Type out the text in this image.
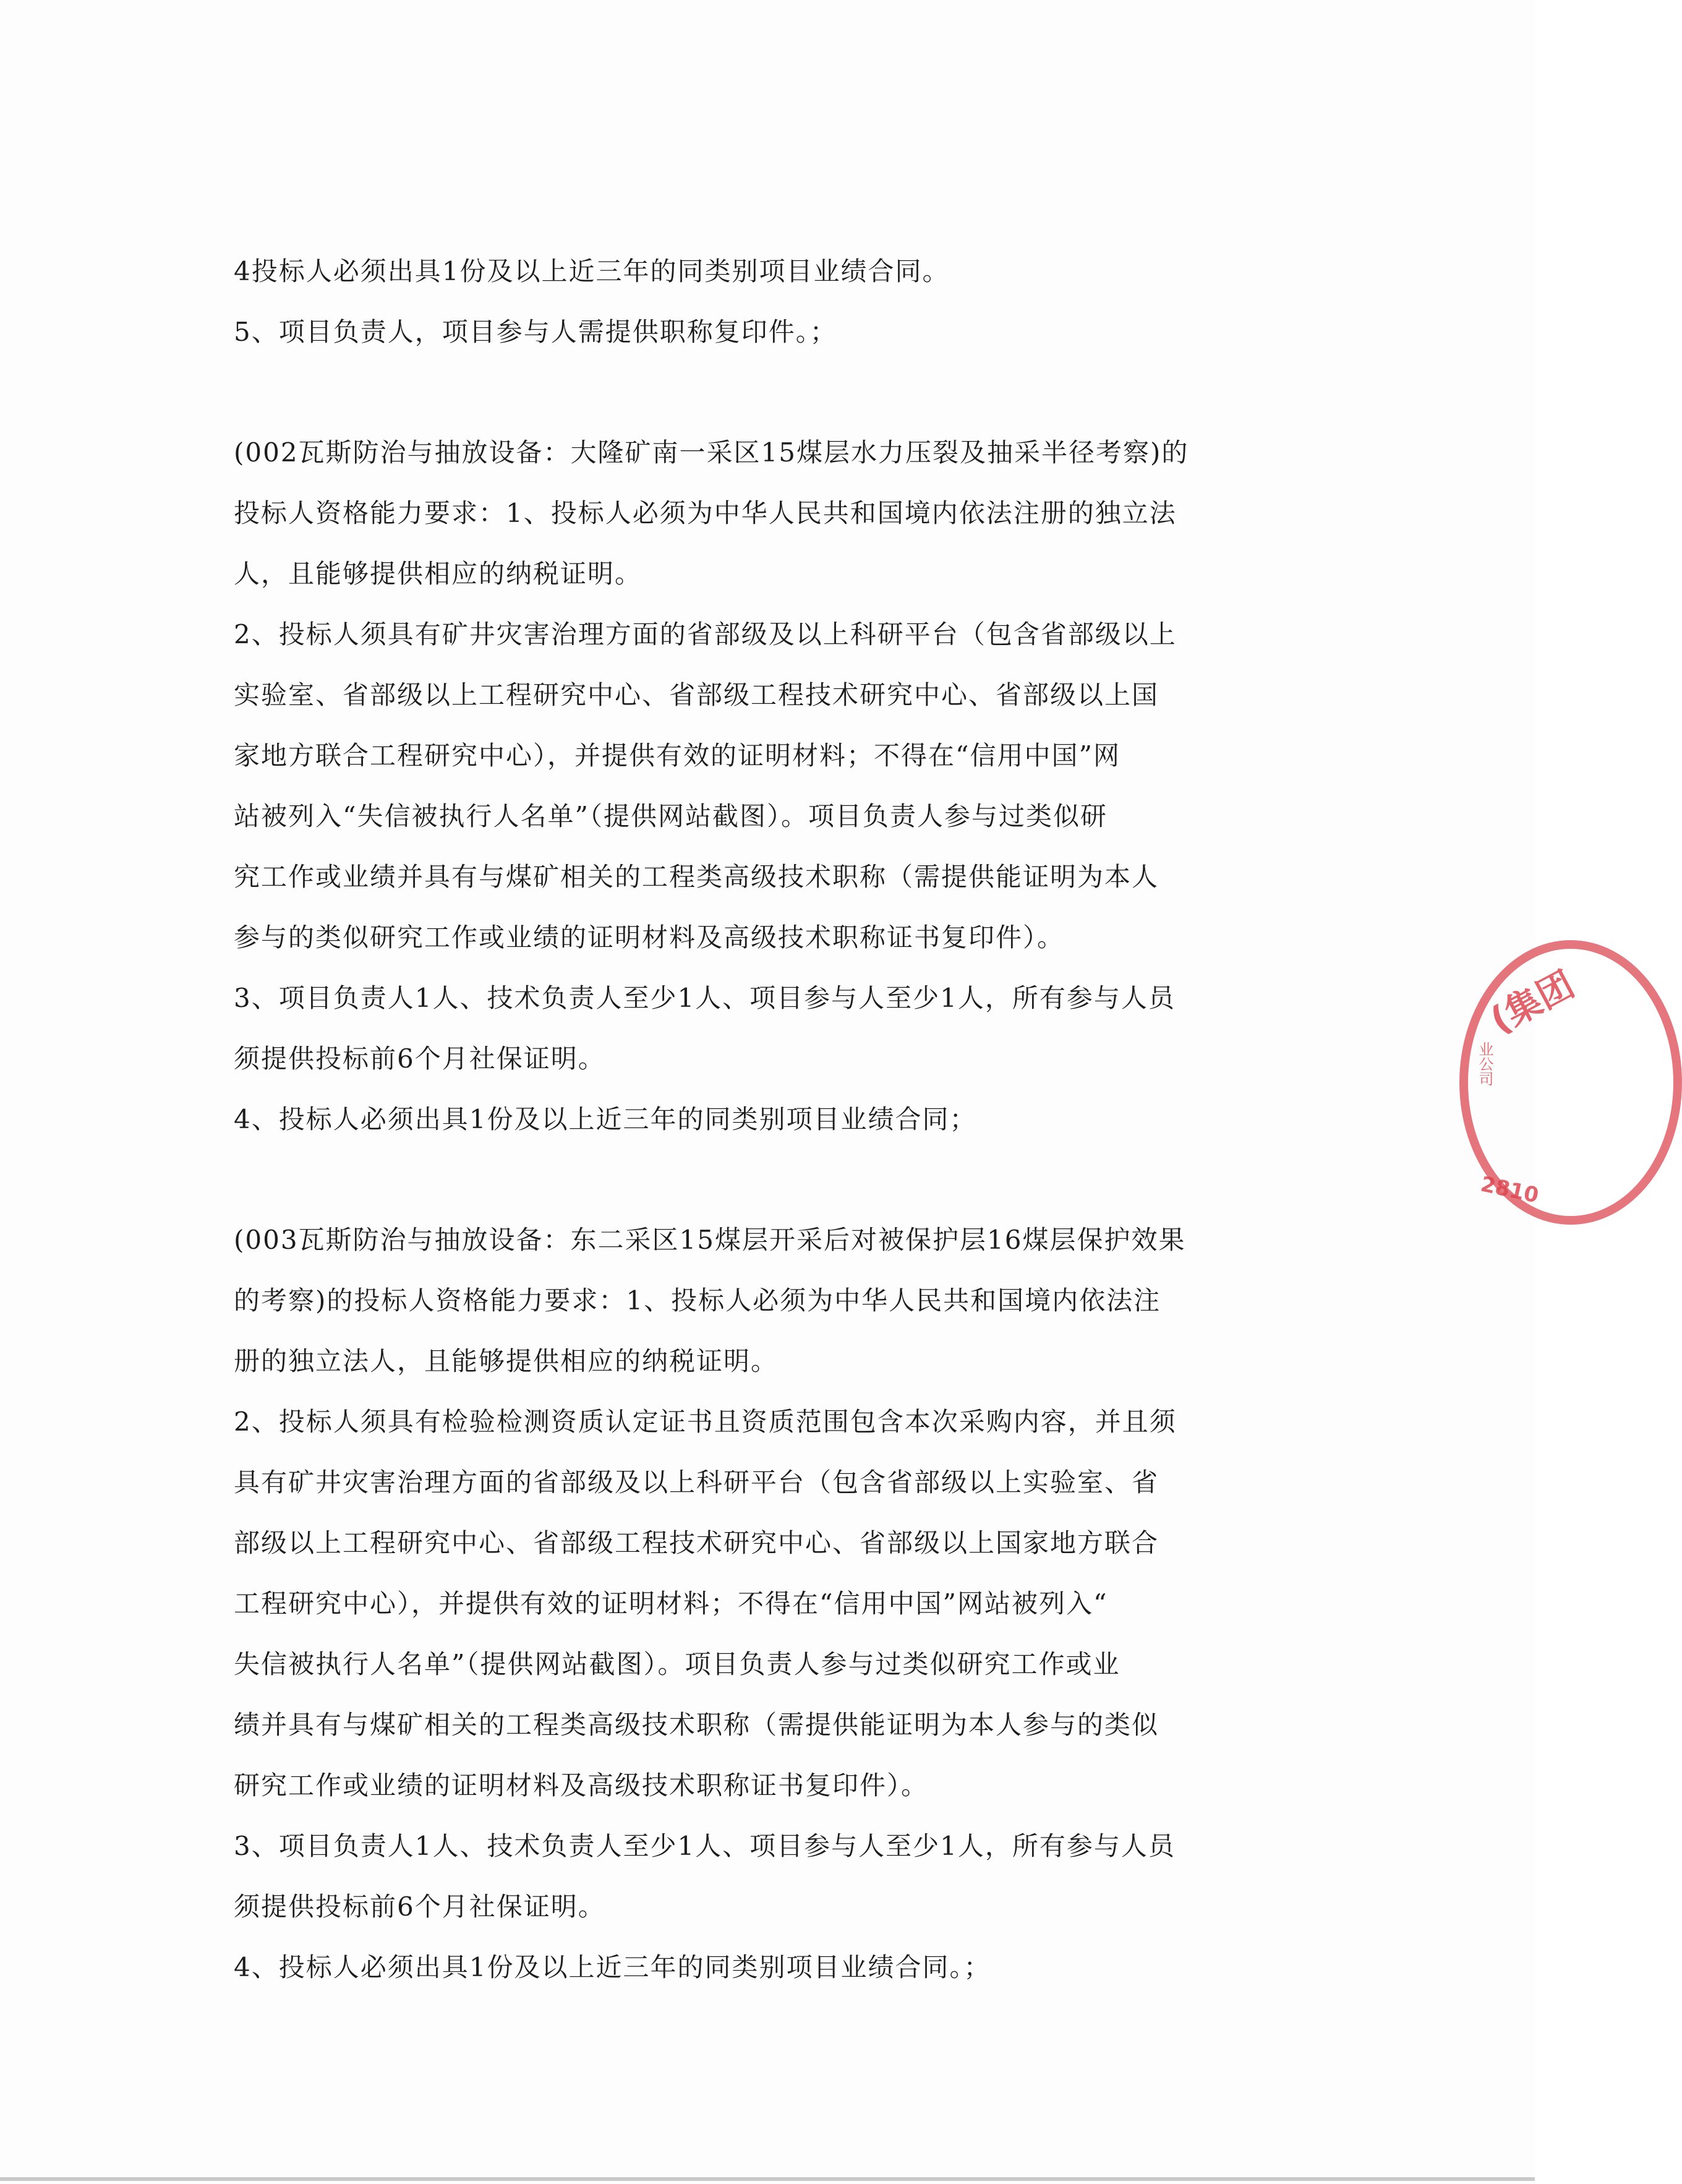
4投标人必须出具1份及以上近三年的同类别项目业绩合同。
5、项目负责人，项目参与人需提供职称复印件。；
(002瓦斯防治与抽放设备：大隆矿南一采区15煤层水力压裂及抽采半径考察)的
投标人资格能力要求：1、投标人必须为中华人民共和国境内依法注册的独立法
人，且能够提供相应的纳税证明。
2、投标人须具有矿井灾害治理方面的省部级及以上科研平台（包含省部级以上
实验室、省部级以上工程研究中心、省部级工程技术研究中心、省部级以上国
家地方联合工程研究中心），并提供有效的证明材料；不得在“信用中国”网
站被列入“失信被执行人名单”（提供网站截图）。项目负责人参与过类似研
究工作或业绩并具有与煤矿相关的工程类高级技术职称（需提供能证明为本人
参与的类似研究工作或业绩的证明材料及高级技术职称证书复印件）。
3、项目负责人1人、技术负责人至少1人、项目参与人至少1人，所有参与人员
须提供投标前6个月社保证明。
4、投标人必须出具1份及以上近三年的同类别项目业绩合同；
(003瓦斯防治与抽放设备：东二采区15煤层开采后对被保护层16煤层保护效果
的考察)的投标人资格能力要求：1、投标人必须为中华人民共和国境内依法注
册的独立法人，且能够提供相应的纳税证明。
2、投标人须具有检验检测资质认定证书且资质范围包含本次采购内容，并且须
具有矿井灾害治理方面的省部级及以上科研平台（包含省部级以上实验室、省
部级以上工程研究中心、省部级工程技术研究中心、省部级以上国家地方联合
工程研究中心），并提供有效的证明材料；不得在“信用中国”网站被列入“
失信被执行人名单”（提供网站截图）。项目负责人参与过类似研究工作或业
绩并具有与煤矿相关的工程类高级技术职称（需提供能证明为本人参与的类似
研究工作或业绩的证明材料及高级技术职称证书复印件）。
3、项目负责人1人、技术负责人至少1人、项目参与人至少1人，所有参与人员
须提供投标前6个月社保证明。
4、投标人必须出具1份及以上近三年的同类别项目业绩合同。；
(集团
业公司
2810
